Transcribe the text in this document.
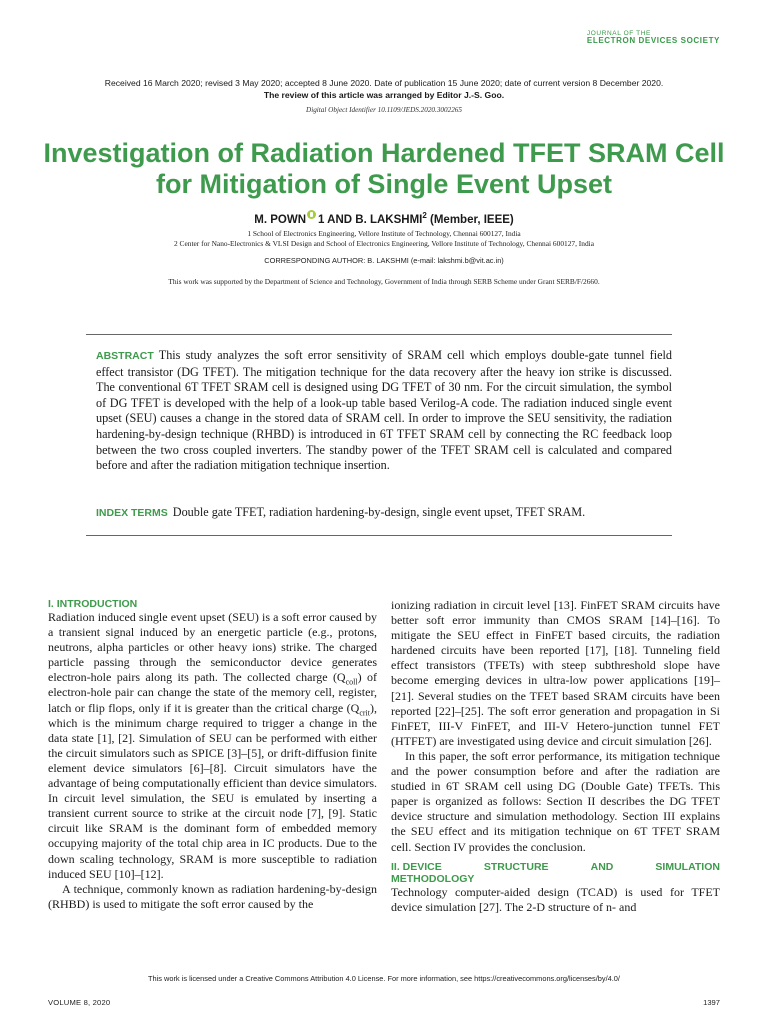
JOURNAL OF THE
ELECTRON DEVICES SOCIETY
Received 16 March 2020; revised 3 May 2020; accepted 8 June 2020. Date of publication 15 June 2020; date of current version 8 December 2020.
The review of this article was arranged by Editor J.-S. Goo.
Digital Object Identifier 10.1109/JEDS.2020.3002265
Investigation of Radiation Hardened TFET SRAM Cell for Mitigation of Single Event Upset
M. POWN 1 AND B. LAKSHMI$^2$ (Member, IEEE)
1 School of Electronics Engineering, Vellore Institute of Technology, Chennai 600127, India
2 Center for Nano-Electronics & VLSI Design and School of Electronics Engineering, Vellore Institute of Technology, Chennai 600127, India
CORRESPONDING AUTHOR: B. LAKSHMI (e-mail: lakshmi.b@vit.ac.in)
This work was supported by the Department of Science and Technology, Government of India through SERB Scheme under Grant SERB/F/2660.

ABSTRACT This study analyzes the soft error sensitivity of SRAM cell which employs double-gate tunnel field effect transistor (DG TFET). The mitigation technique for the data recovery after the heavy ion strike is discussed. The conventional 6T TFET SRAM cell is designed using DG TFET of 30 nm. For the circuit simulation, the symbol of DG TFET is developed with the help of a look-up table based Verilog-A code. The radiation induced single event upset (SEU) causes a change in the stored data of SRAM cell. In order to improve the SEU sensitivity, the radiation hardening-by-design technique (RHBD) is introduced in 6T TFET SRAM cell by connecting the RC feedback loop between the two cross coupled inverters. The standby power of the TFET SRAM cell is calculated and compared before and after the radiation mitigation technique insertion.

INDEX TERMS Double gate TFET, radiation hardening-by-design, single event upset, TFET SRAM.

I. INTRODUCTION

Radiation induced single event upset (SEU) is a soft error caused by a transient signal induced by an energetic particle (e.g., protons, neutrons, alpha particles or other heavy ions) strike. The charged particle passing through the semiconductor device generates electron-hole pairs along its path. The collected charge $(Q_{coll})$ of electron-hole pair can change the state of the memory cell, register, latch or flip flops, only if it is greater than the critical charge $(Q_{crit})$, which is the minimum charge required to trigger a change in the data state [1], [2]. Simulation of SEU can be performed with either the circuit simulators such as SPICE [3]–[5], or drift-diffusion finite element device simulators [6]–[8]. Circuit simulators have the advantage of being computationally efficient than device simulators. In circuit level simulation, the SEU is emulated by inserting a transient current source to strike at the circuit node [7], [9]. Static circuit like SRAM is the dominant form of embedded memory occupying majority of the total chip area in IC products. Due to the down scaling technology, SRAM is more susceptible to radiation induced SEU [10]–[12].

A technique, commonly known as radiation hardening-by-design (RHBD) is used to mitigate the soft error caused by the

ionizing radiation in circuit level [13]. FinFET SRAM circuits have better soft error immunity than CMOS SRAM [14]–[16]. To mitigate the SEU effect in FinFET based circuits, the radiation hardened circuits have been reported [17], [18]. Tunneling field effect transistors (TFETs) with steep subthreshold slope have become emerging devices in ultra-low power applications [19]–[21]. Several studies on the TFET based SRAM circuits have been reported [22]–[25]. The soft error generation and propagation in Si FinFET, III-V FinFET, and III-V Hetero-junction tunnel FET (HTFET) are investigated using device and circuit simulation [26].

In this paper, the soft error performance, its mitigation technique and the power consumption before and after the radiation are studied in 6T SRAM cell using DG (Double Gate) TFETs. This paper is organized as follows: Section II describes the DG TFET device structure and simulation methodology. Section III explains the SEU effect and its mitigation technique on 6T TFET SRAM cell. Section IV provides the conclusion.

II. DEVICE	STRUCTURE	AND	SIMULATION
METHODOLOGY

Technology computer-aided design (TCAD) is used for TFET device simulation [27]. The 2-D structure of n- and

This work is licensed under a Creative Commons Attribution 4.0 License. For more information, see https://creativecommons.org/licenses/by/4.0/
VOLUME 8, 2020	1397
